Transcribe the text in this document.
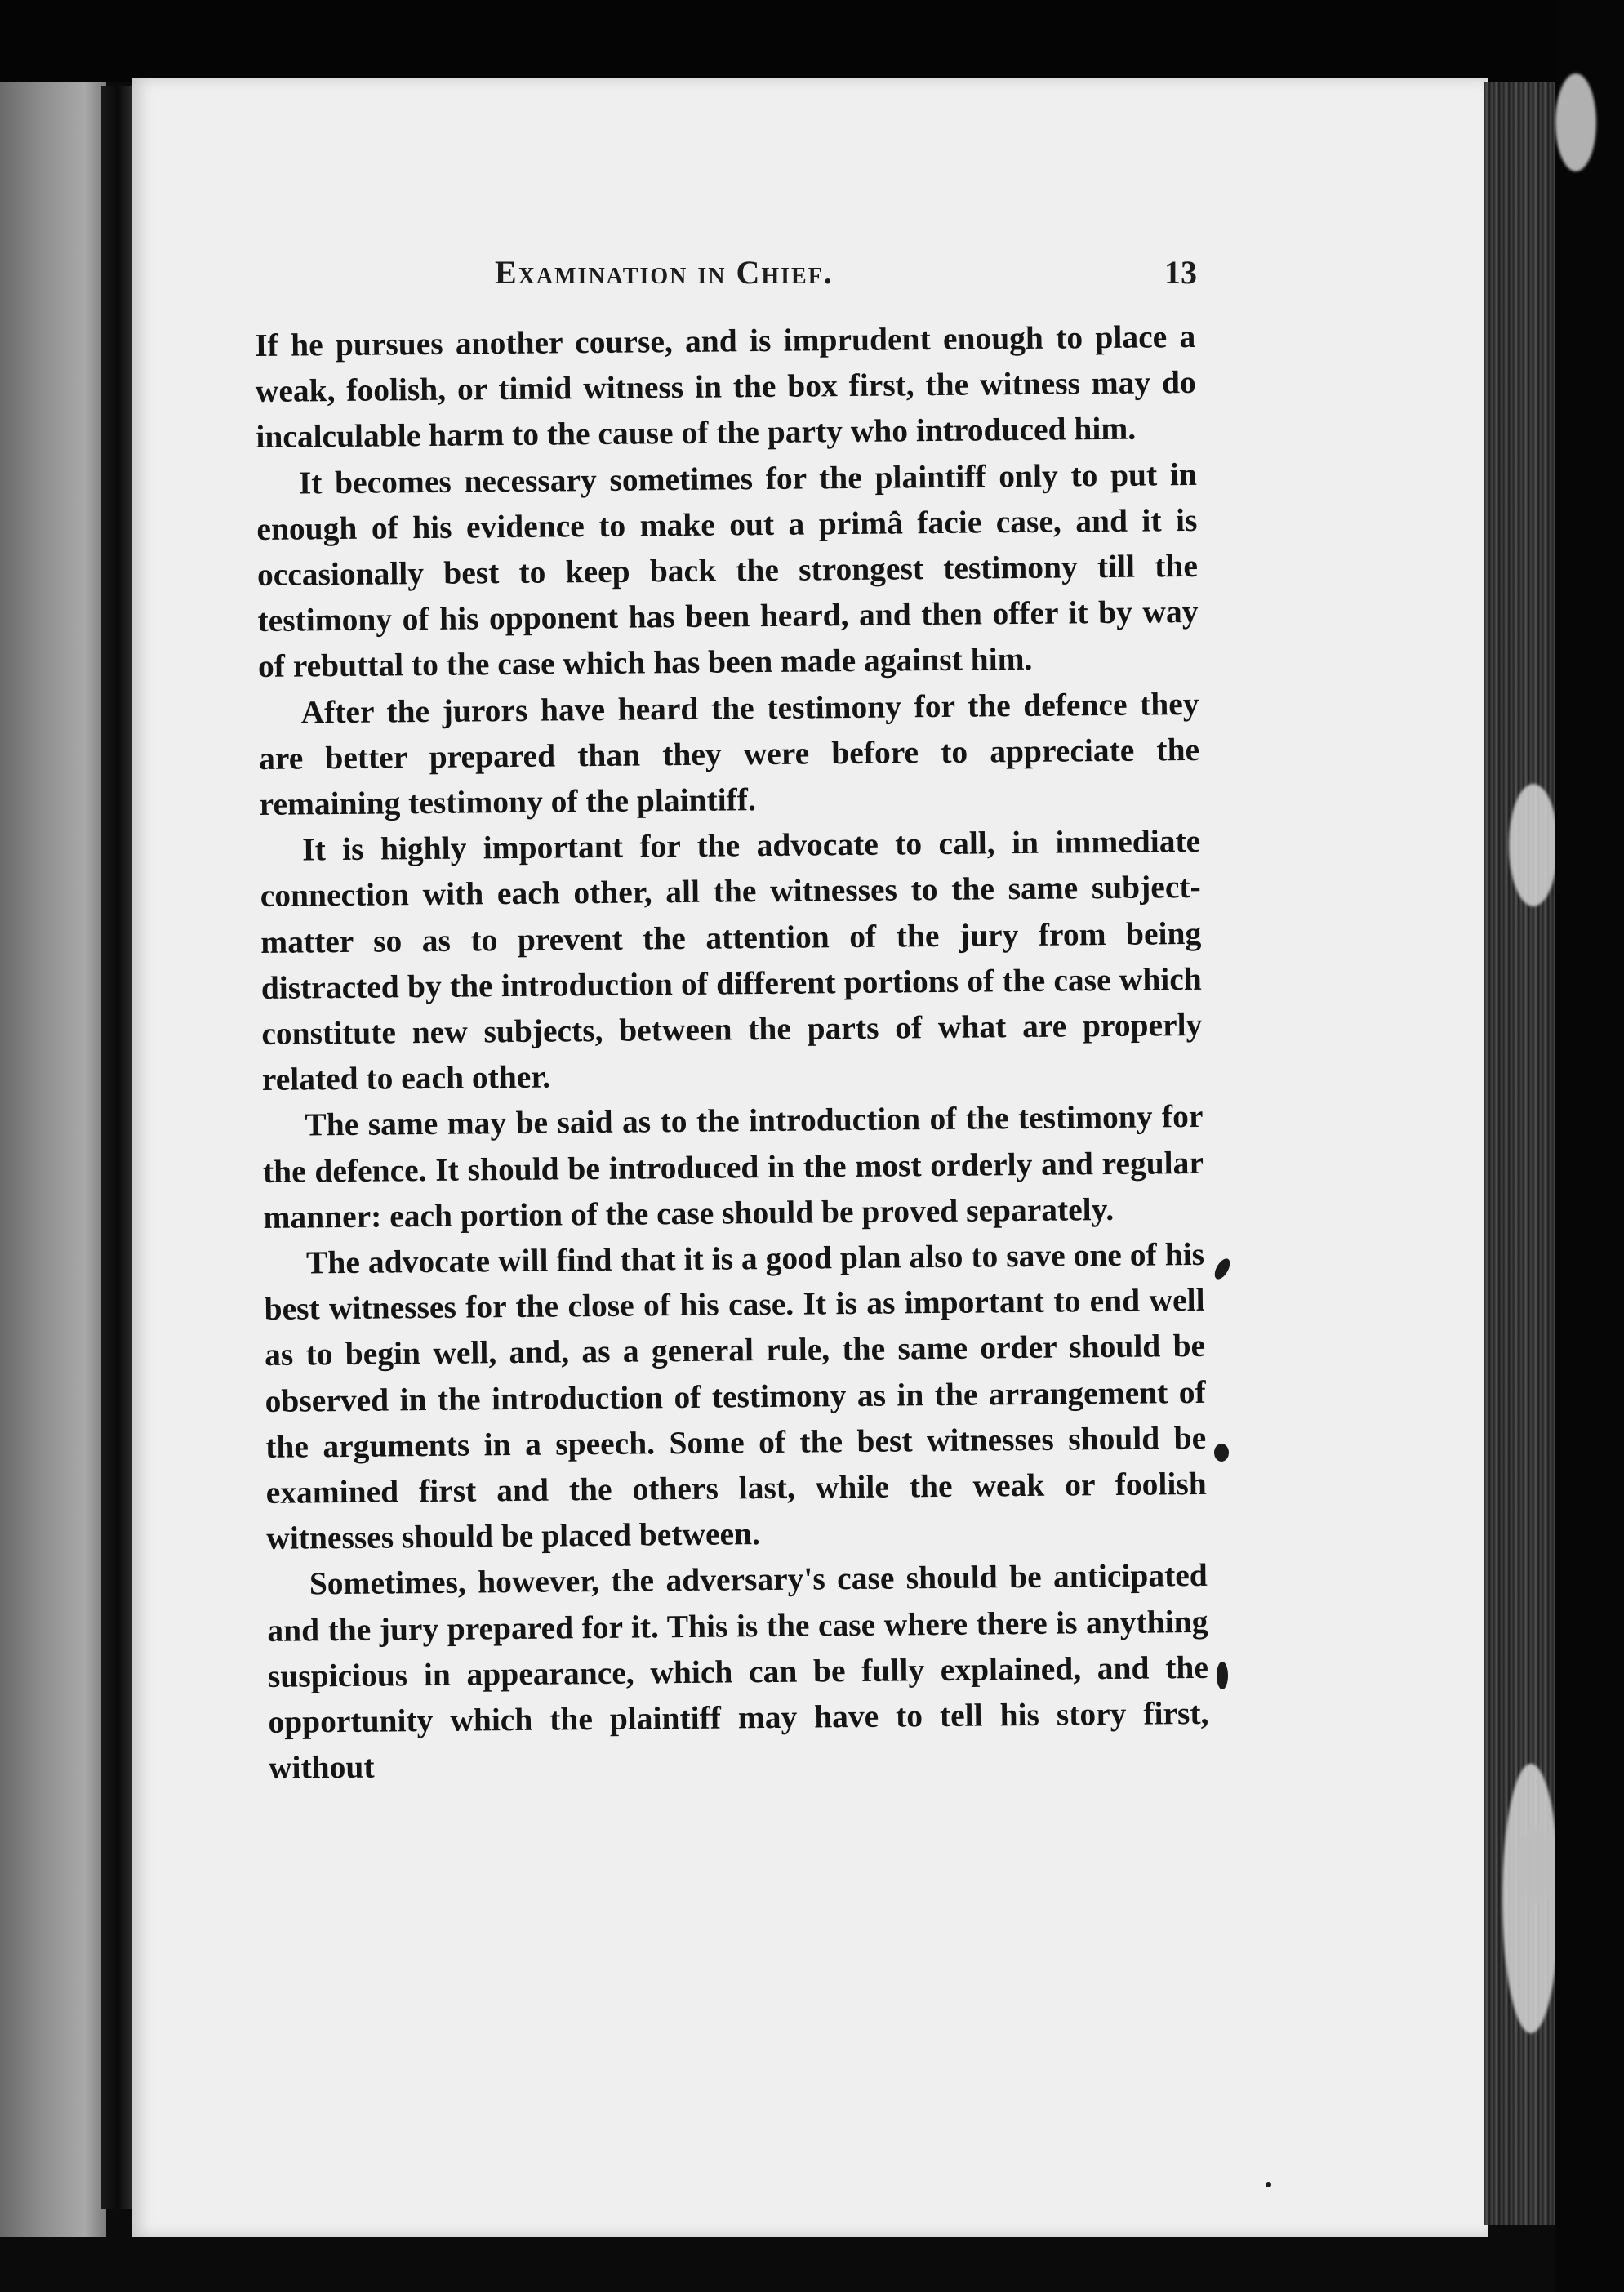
Examination in Chief.	13

If he pursues another course, and is imprudent enough to place a weak, foolish, or timid witness in the box first, the witness may do incalculable harm to the cause of the party who introduced him.

It becomes necessary sometimes for the plaintiff only to put in enough of his evidence to make out a primâ facie case, and it is occasionally best to keep back the strongest testimony till the testimony of his opponent has been heard, and then offer it by way of rebuttal to the case which has been made against him.

After the jurors have heard the testimony for the defence they are better prepared than they were before to appreciate the remaining testimony of the plaintiff.

It is highly important for the advocate to call, in immediate connection with each other, all the witnesses to the same subject-matter so as to prevent the attention of the jury from being distracted by the introduction of different portions of the case which constitute new subjects, between the parts of what are properly related to each other.

The same may be said as to the introduction of the testimony for the defence. It should be introduced in the most orderly and regular manner: each portion of the case should be proved separately.

The advocate will find that it is a good plan also to save one of his best witnesses for the close of his case. It is as important to end well as to begin well, and, as a general rule, the same order should be observed in the introduction of testimony as in the arrangement of the arguments in a speech. Some of the best witnesses should be examined first and the others last, while the weak or foolish witnesses should be placed between.

Sometimes, however, the adversary's case should be anticipated and the jury prepared for it. This is the case where there is anything suspicious in appearance, which can be fully explained, and the opportunity which the plaintiff may have to tell his story first, without
